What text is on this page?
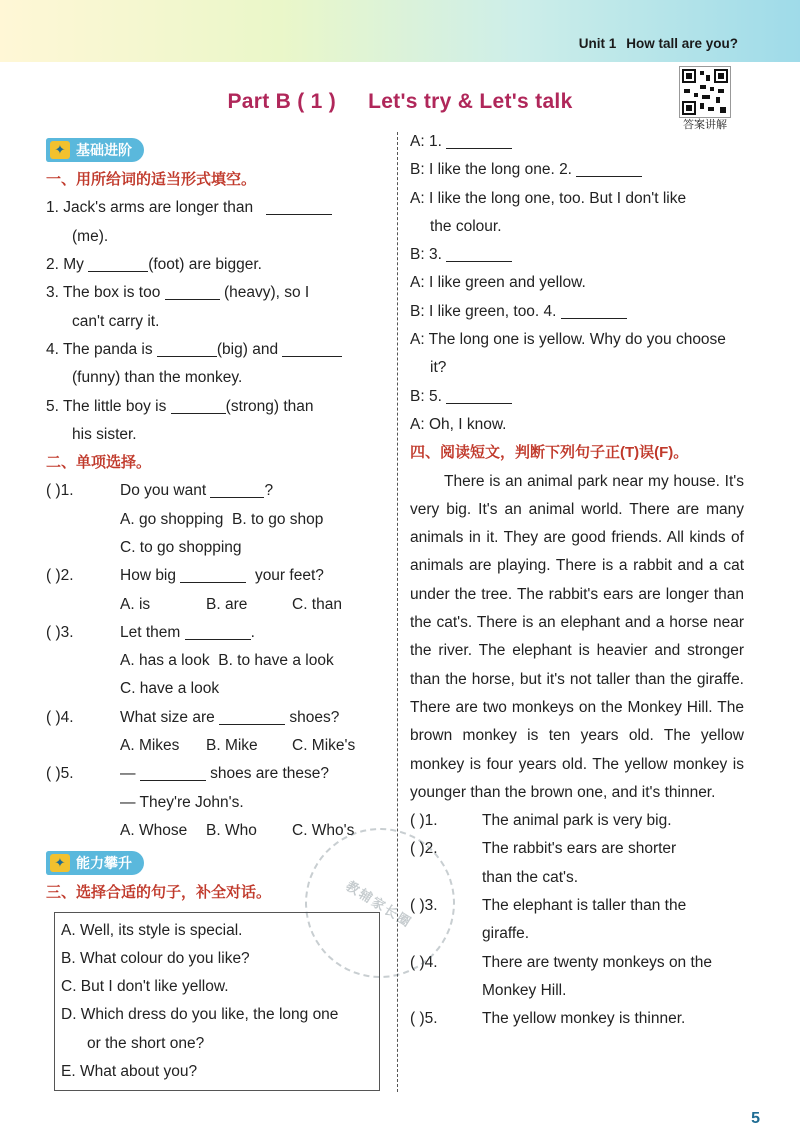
Unit 1 How tall are you?
Part B ( 1 ) Let's try & Let's talk
答案讲解
✦ 基础进阶
一、用所给词的适当形式填空。
1. Jack's arms are longer than
(me).
2. My	(foot) are bigger.
3. The box is too	(heavy), so I
can't carry it.
4. The panda is	(big) and
(funny) than the monkey.
5. The little boy is	(strong) than
his sister.
二、单项选择。
( )1.	Do you want	?
A. go shopping B. to go shop
C. to go shopping
( )2.	How big	your feet?
A. is	B. are	C. than
( )3.	Let them	.
A. has a look B. to have a look
C. have a look
( )4.	What size are	shoes?
A. Mikes B. Mike C. Mike's
( )5.	—	shoes are these?
— They're John's.
A. Whose B. Who C. Who's
✦ 能力攀升
三、选择合适的句子，补全对话。
A. Well, its style is special.
B. What colour do you like?
C. But I don't like yellow.
D. Which dress do you like, the long one
or the short one?
E. What about you?
A: 1.
B: I like the long one. 2.
A: I like the long one, too. But I don't like
the colour.
B: 3.
A: I like green and yellow.
B: I like green, too. 4.
A: The long one is yellow. Why do you choose
it?
B: 5.
A: Oh, I know.
四、阅读短文，判断下列句子正(T)误(F)。
There is an animal park near my house. It's very big. It's an animal world. There are many animals in it. They are good friends. All kinds of animals are playing. There is a rabbit and a cat under the tree. The rabbit's ears are longer than the cat's. There is an elephant and a horse near the river. The elephant is heavier and stronger than the horse, but it's not taller than the giraffe. There are two monkeys on the Monkey Hill. The brown monkey is ten years old. The yellow monkey is four years old. The yellow monkey is younger than the brown one, and it's thinner.
( )1.	The animal park is very big.
( )2.	The rabbit's ears are shorter
than the cat's.
( )3.	The elephant is taller than the
giraffe.
( )4.	There are twenty monkeys on the
Monkey Hill.
( )5.	The yellow monkey is thinner.
教辅家长圈
5
